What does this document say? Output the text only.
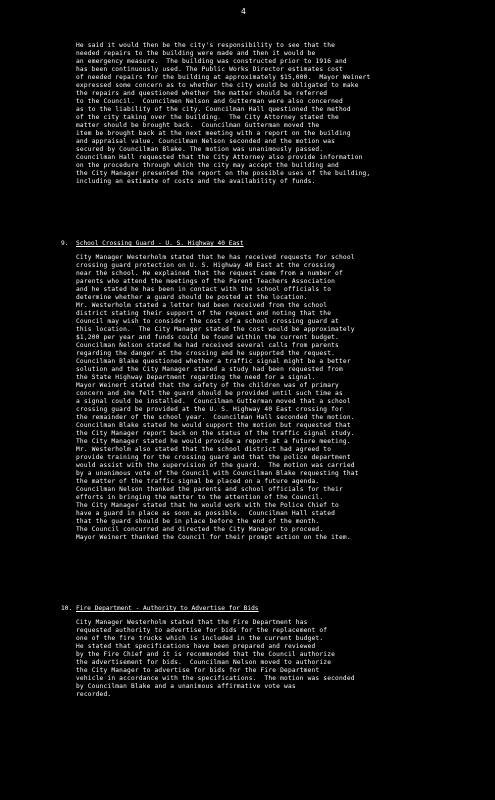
4
He said it would then be the city's responsibility to see that the
needed repairs to the building were made and then it would be
an emergency measure.  The building was constructed prior to 1916 and
has been continuously used. The Public Works Director estimates cost
of needed repairs for the building at approximately $15,000.  Mayor Weinert
expressed some concern as to whether the city would be obligated to make
the repairs and questioned whether the matter should be referred
to the Council.  Councilmen Nelson and Gutterman were also concerned
as to the liability of the city. Councilman Hall questioned the method
of the city taking over the building.  The City Attorney stated the
matter should be brought back.  Councilman Gutterman moved the
item be brought back at the next meeting with a report on the building
and appraisal value. Councilman Nelson seconded and the motion was
secured by Councilman Blake. The motion was unanimously passed.
Councilman Hall requested that the City Attorney also provide information
on the procedure through which the city may accept the building and
the City Manager presented the report on the possible uses of the building,
including an estimate of costs and the availability of funds.
9. School Crossing Guard - U. S. Highway 40 East
City Manager Westerholm stated that he has received requests for school
crossing guard protection on U. S. Highway 40 East at the crossing
near the school. He explained that the request came from a number of
parents who attend the meetings of the Parent Teachers Association
and he stated he has been in contact with the school officials to
determine whether a guard should be posted at the location.
Mr. Westerholm stated a letter had been received from the school
district stating their support of the request and noting that the
Council may wish to consider the cost of a school crossing guard at
this location.  The City Manager stated the cost would be approximately
$1,200 per year and funds could be found within the current budget.
Councilman Nelson stated he had received several calls from parents
regarding the danger at the crossing and he supported the request.
Councilman Blake questioned whether a traffic signal might be a better
solution and the City Manager stated a study had been requested from
the State Highway Department regarding the need for a signal.
Mayor Weinert stated that the safety of the children was of primary
concern and she felt the guard should be provided until such time as
a signal could be installed.  Councilman Gutterman moved that a school
crossing guard be provided at the U. S. Highway 40 East crossing for
the remainder of the school year.  Councilman Hall seconded the motion.
Councilman Blake stated he would support the motion but requested that
the City Manager report back on the status of the traffic signal study.
The City Manager stated he would provide a report at a future meeting.
Mr. Westerholm also stated that the school district had agreed to
provide training for the crossing guard and that the police department
would assist with the supervision of the guard.  The motion was carried
by a unanimous vote of the Council with Councilman Blake requesting that
the matter of the traffic signal be placed on a future agenda.
Councilman Nelson thanked the parents and school officials for their
efforts in bringing the matter to the attention of the Council.
The City Manager stated that he would work with the Police Chief to
have a guard in place as soon as possible.  Councilman Hall stated
that the guard should be in place before the end of the month.
The Council concurred and directed the City Manager to proceed.
Mayor Weinert thanked the Council for their prompt action on the item.
10. Fire Department - Authority to Advertise for Bids
City Manager Westerholm stated that the Fire Department has
requested authority to advertise for bids for the replacement of
one of the fire trucks which is included in the current budget.
He stated that specifications have been prepared and reviewed
by the Fire Chief and it is recommended that the Council authorize
the advertisement for bids.  Councilman Nelson moved to authorize
the City Manager to advertise for bids for the Fire Department
vehicle in accordance with the specifications.  The motion was seconded
by Councilman Blake and a unanimous affirmative vote was
recorded.
